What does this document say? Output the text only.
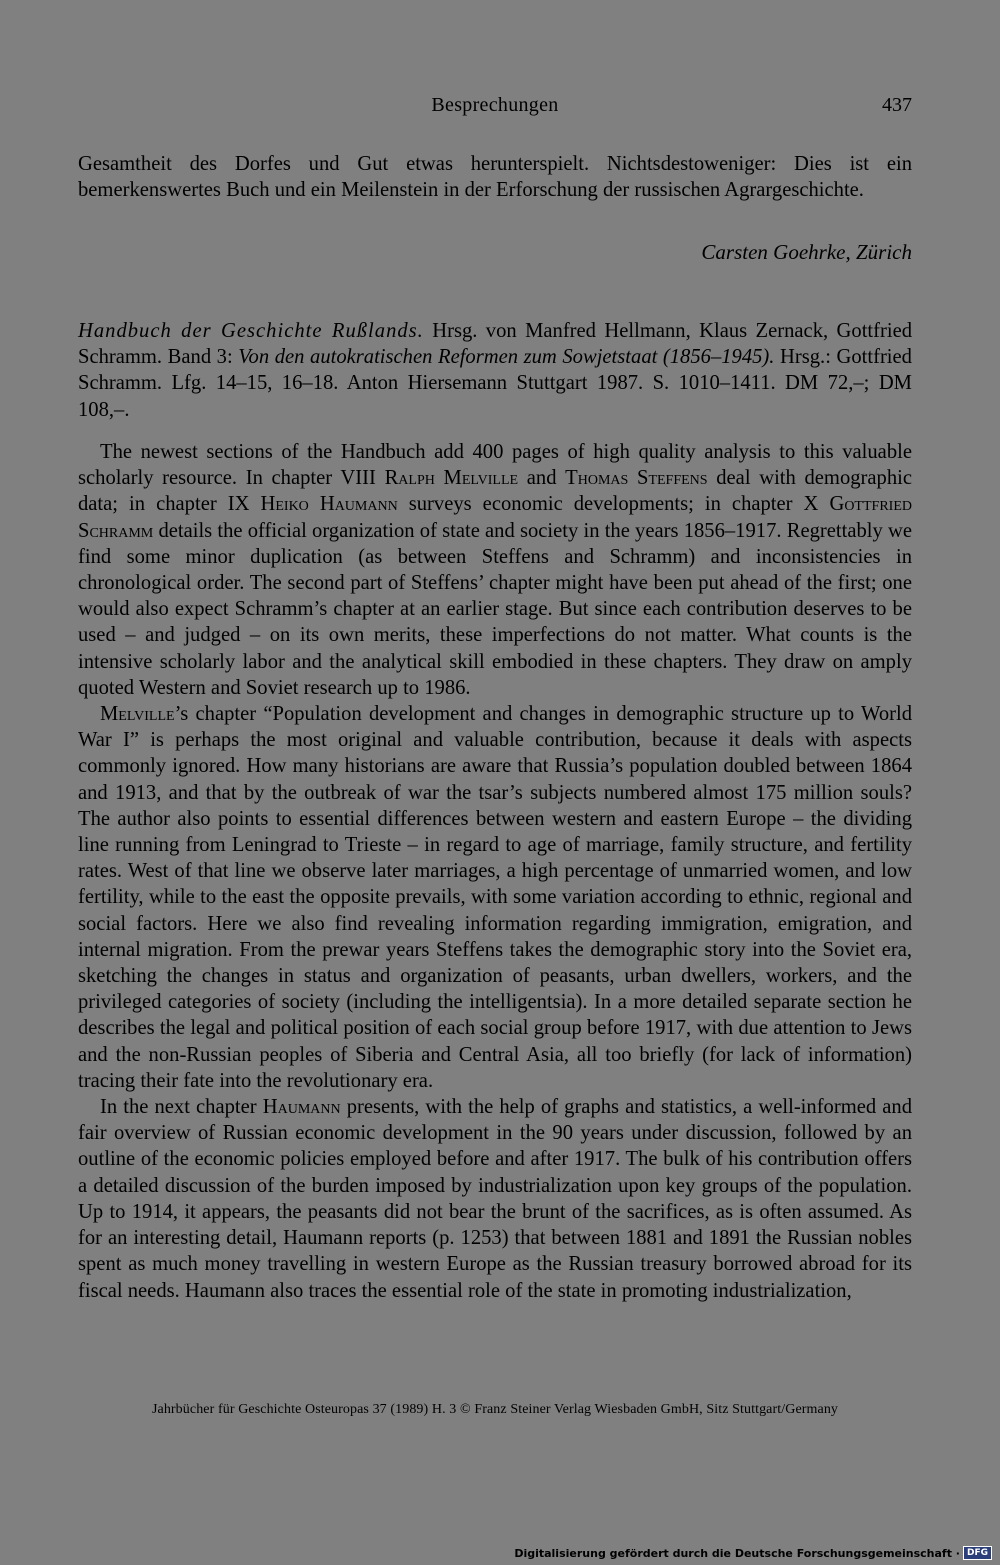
Besprechungen	437

Gesamtheit des Dorfes und Gut etwas herunterspielt. Nichtsdestoweniger: Dies ist ein bemerkenswertes Buch und ein Meilenstein in der Erforschung der russischen Agrargeschichte.

Carsten Goehrke, Zürich

Handbuch der Geschichte Rußlands. Hrsg. von Manfred Hellmann, Klaus Zernack, Gottfried Schramm. Band 3: Von den autokratischen Reformen zum Sowjetstaat (1856–1945). Hrsg.: Gottfried Schramm. Lfg. 14–15, 16–18. Anton Hiersemann Stuttgart 1987. S. 1010–1411. DM 72,–; DM 108,–.

The newest sections of the Handbuch add 400 pages of high quality analysis to this valuable scholarly resource. In chapter VIII Ralph Melville and Thomas Steffens deal with demographic data; in chapter IX Heiko Haumann surveys economic developments; in chapter X Gottfried Schramm details the official organization of state and society in the years 1856–1917. Regrettably we find some minor duplication (as between Steffens and Schramm) and inconsistencies in chronological order. The second part of Steffens’ chapter might have been put ahead of the first; one would also expect Schramm’s chapter at an earlier stage. But since each contribution deserves to be used – and judged – on its own merits, these imperfections do not matter. What counts is the intensive scholarly labor and the analytical skill embodied in these chapters. They draw on amply quoted Western and Soviet research up to 1986.

Melville’s chapter “Population development and changes in demographic structure up to World War I” is perhaps the most original and valuable contribution, because it deals with aspects commonly ignored. How many historians are aware that Russia’s population doubled between 1864 and 1913, and that by the outbreak of war the tsar’s subjects numbered almost 175 million souls? The author also points to essential differences between western and eastern Europe – the dividing line running from Leningrad to Trieste – in regard to age of marriage, family structure, and fertility rates. West of that line we observe later marriages, a high percentage of unmarried women, and low fertility, while to the east the opposite prevails, with some variation according to ethnic, regional and social factors. Here we also find revealing information regarding immigration, emigration, and internal migration. From the prewar years Steffens takes the demographic story into the Soviet era, sketching the changes in status and organization of peasants, urban dwellers, workers, and the privileged categories of society (including the intelligentsia). In a more detailed separate section he describes the legal and political position of each social group before 1917, with due attention to Jews and the non-Russian peoples of Siberia and Central Asia, all too briefly (for lack of information) tracing their fate into the revolutionary era.

In the next chapter Haumann presents, with the help of graphs and statistics, a well-informed and fair overview of Russian economic development in the 90 years under discussion, followed by an outline of the economic policies employed before and after 1917. The bulk of his contribution offers a detailed discussion of the burden imposed by industrialization upon key groups of the population. Up to 1914, it appears, the peasants did not bear the brunt of the sacrifices, as is often assumed. As for an interesting detail, Haumann reports (p. 1253) that between 1881 and 1891 the Russian nobles spent as much money travelling in western Europe as the Russian treasury borrowed abroad for its fiscal needs. Haumann also traces the essential role of the state in promoting industrialization,

Jahrbücher für Geschichte Osteuropas 37 (1989) H. 3 © Franz Steiner Verlag Wiesbaden GmbH, Sitz Stuttgart/Germany
Digitalisierung gefördert durch die Deutsche Forschungsgemeinschaft · DFG
